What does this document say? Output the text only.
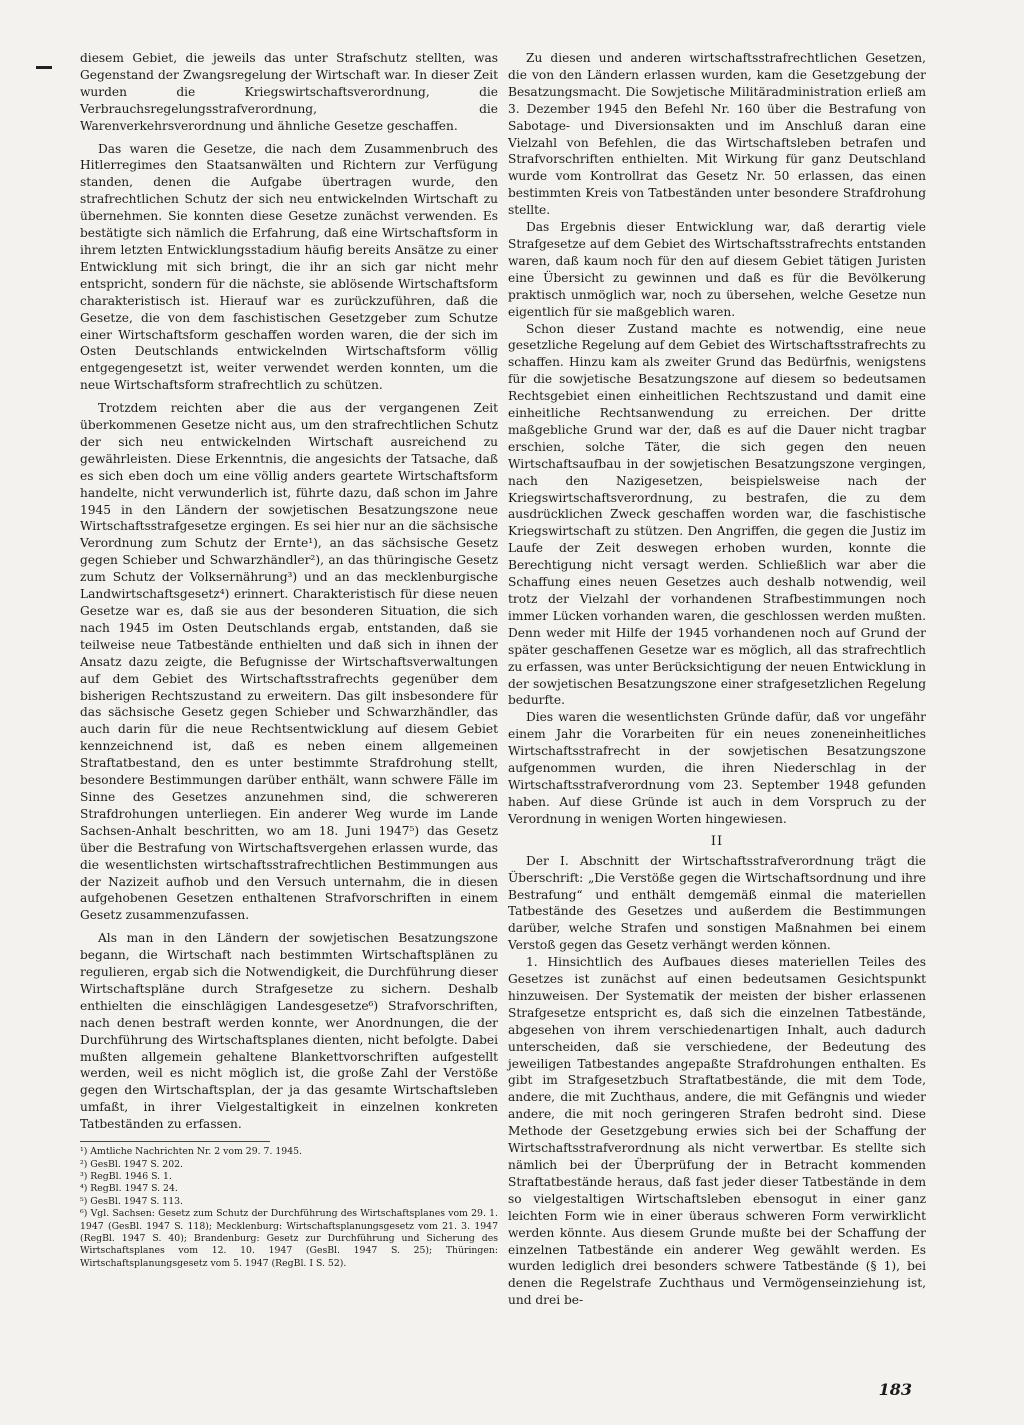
diesem Gebiet, die jeweils das unter Strafschutz stellten, was Gegenstand der Zwangsregelung der Wirtschaft war. In dieser Zeit wurden die Kriegswirtschaftsverordnung, die Verbrauchsregelungsstrafverordnung, die Warenverkehrsverordnung und ähnliche Gesetze geschaffen.

Das waren die Gesetze, die nach dem Zusammenbruch des Hitlerregimes den Staatsanwälten und Richtern zur Verfügung standen, denen die Aufgabe übertragen wurde, den strafrechtlichen Schutz der sich neu entwickelnden Wirtschaft zu übernehmen. Sie konnten diese Gesetze zunächst verwenden. Es bestätigte sich nämlich die Erfahrung, daß eine Wirtschaftsform in ihrem letzten Entwicklungsstadium häufig bereits Ansätze zu einer Entwicklung mit sich bringt, die ihr an sich gar nicht mehr entspricht, sondern für die nächste, sie ablösende Wirtschaftsform charakteristisch ist. Hierauf war es zurückzuführen, daß die Gesetze, die von dem faschistischen Gesetzgeber zum Schutze einer Wirtschaftsform geschaffen worden waren, die der sich im Osten Deutschlands entwickelnden Wirtschaftsform völlig entgegengesetzt ist, weiter verwendet werden konnten, um die neue Wirtschaftsform strafrechtlich zu schützen.

Trotzdem reichten aber die aus der vergangenen Zeit überkommenen Gesetze nicht aus, um den strafrechtlichen Schutz der sich neu entwickelnden Wirtschaft ausreichend zu gewährleisten. Diese Erkenntnis, die angesichts der Tatsache, daß es sich eben doch um eine völlig anders geartete Wirtschaftsform handelte, nicht verwunderlich ist, führte dazu, daß schon im Jahre 1945 in den Ländern der sowjetischen Besatzungszone neue Wirtschaftsstrafgesetze ergingen. Es sei hier nur an die sächsische Verordnung zum Schutz der Ernte¹), an das sächsische Gesetz gegen Schieber und Schwarzhändler²), an das thüringische Gesetz zum Schutz der Volksernährung³) und an das mecklenburgische Landwirtschaftsgesetz⁴) erinnert. Charakteristisch für diese neuen Gesetze war es, daß sie aus der besonderen Situation, die sich nach 1945 im Osten Deutschlands ergab, entstanden, daß sie teilweise neue Tatbestände enthielten und daß sich in ihnen der Ansatz dazu zeigte, die Befugnisse der Wirtschaftsverwaltungen auf dem Gebiet des Wirtschaftsstrafrechts gegenüber dem bisherigen Rechtszustand zu erweitern. Das gilt insbesondere für das sächsische Gesetz gegen Schieber und Schwarzhändler, das auch darin für die neue Rechtsentwicklung auf diesem Gebiet kennzeichnend ist, daß es neben einem allgemeinen Straftatbestand, den es unter bestimmte Strafdrohung stellt, besondere Bestimmungen darüber enthält, wann schwere Fälle im Sinne des Gesetzes anzunehmen sind, die schwereren Strafdrohungen unterliegen. Ein anderer Weg wurde im Lande Sachsen-Anhalt beschritten, wo am 18. Juni 1947⁵) das Gesetz über die Bestrafung von Wirtschaftsvergehen erlassen wurde, das die wesentlichsten wirtschaftsstrafrechtlichen Bestimmungen aus der Nazizeit aufhob und den Versuch unternahm, die in diesen aufgehobenen Gesetzen enthaltenen Strafvorschriften in einem Gesetz zusammenzufassen.

Als man in den Ländern der sowjetischen Besatzungszone begann, die Wirtschaft nach bestimmten Wirtschaftsplänen zu regulieren, ergab sich die Notwendigkeit, die Durchführung dieser Wirtschaftspläne durch Strafgesetze zu sichern. Deshalb enthielten die einschlägigen Landesgesetze⁶) Strafvorschriften, nach denen bestraft werden konnte, wer Anordnungen, die der Durchführung des Wirtschaftsplanes dienten, nicht befolgte. Dabei mußten allgemein gehaltene Blankettvorschriften aufgestellt werden, weil es nicht möglich ist, die große Zahl der Verstöße gegen den Wirtschaftsplan, der ja das gesamte Wirtschaftsleben umfaßt, in ihrer Vielgestaltigkeit in einzelnen konkreten Tatbeständen zu erfassen.

¹) Amtliche Nachrichten Nr. 2 vom 29. 7. 1945.

²) GesBl. 1947 S. 202.

³) RegBl. 1946 S. 1.

⁴) RegBl. 1947 S. 24.

⁵) GesBl. 1947 S. 113.

⁶) Vgl. Sachsen: Gesetz zum Schutz der Durchführung des Wirtschaftsplanes vom 29. 1. 1947 (GesBl. 1947 S. 118); Mecklenburg: Wirtschaftsplanungsgesetz vom 21. 3. 1947 (RegBl. 1947 S. 40); Brandenburg: Gesetz zur Durchführung und Sicherung des Wirtschaftsplanes vom 12. 10. 1947 (GesBl. 1947 S. 25); Thüringen: Wirtschaftsplanungsgesetz vom 5. 1947 (RegBl. I S. 52).

Zu diesen und anderen wirtschaftsstrafrechtlichen Gesetzen, die von den Ländern erlassen wurden, kam die Gesetzgebung der Besatzungsmacht. Die Sowjetische Militäradministration erließ am 3. Dezember 1945 den Befehl Nr. 160 über die Bestrafung von Sabotage- und Diversionsakten und im Anschluß daran eine Vielzahl von Befehlen, die das Wirtschaftsleben betrafen und Strafvorschriften enthielten. Mit Wirkung für ganz Deutschland wurde vom Kontrollrat das Gesetz Nr. 50 erlassen, das einen bestimmten Kreis von Tatbeständen unter besondere Strafdrohung stellte.

Das Ergebnis dieser Entwicklung war, daß derartig viele Strafgesetze auf dem Gebiet des Wirtschaftsstrafrechts entstanden waren, daß kaum noch für den auf diesem Gebiet tätigen Juristen eine Übersicht zu gewinnen und daß es für die Bevölkerung praktisch unmöglich war, noch zu übersehen, welche Gesetze nun eigentlich für sie maßgeblich waren.

Schon dieser Zustand machte es notwendig, eine neue gesetzliche Regelung auf dem Gebiet des Wirtschaftsstrafrechts zu schaffen. Hinzu kam als zweiter Grund das Bedürfnis, wenigstens für die sowjetische Besatzungszone auf diesem so bedeutsamen Rechtsgebiet einen einheitlichen Rechtszustand und damit eine einheitliche Rechtsanwendung zu erreichen. Der dritte maßgebliche Grund war der, daß es auf die Dauer nicht tragbar erschien, solche Täter, die sich gegen den neuen Wirtschaftsaufbau in der sowjetischen Besatzungszone vergingen, nach den Nazigesetzen, beispielsweise nach der Kriegswirtschaftsverordnung, zu bestrafen, die zu dem ausdrücklichen Zweck geschaffen worden war, die faschistische Kriegswirtschaft zu stützen. Den Angriffen, die gegen die Justiz im Laufe der Zeit deswegen erhoben wurden, konnte die Berechtigung nicht versagt werden. Schließlich war aber die Schaffung eines neuen Gesetzes auch deshalb notwendig, weil trotz der Vielzahl der vorhandenen Strafbestimmungen noch immer Lücken vorhanden waren, die geschlossen werden mußten. Denn weder mit Hilfe der 1945 vorhandenen noch auf Grund der später geschaffenen Gesetze war es möglich, all das strafrechtlich zu erfassen, was unter Berücksichtigung der neuen Entwicklung in der sowjetischen Besatzungszone einer strafgesetzlichen Regelung bedurfte.

Dies waren die wesentlichsten Gründe dafür, daß vor ungefähr einem Jahr die Vorarbeiten für ein neues zoneneinheitliches Wirtschaftsstrafrecht in der sowjetischen Besatzungszone aufgenommen wurden, die ihren Niederschlag in der Wirtschaftsstrafverordnung vom 23. September 1948 gefunden haben. Auf diese Gründe ist auch in dem Vorspruch zu der Verordnung in wenigen Worten hingewiesen.

II

Der I. Abschnitt der Wirtschaftsstrafverordnung trägt die Überschrift: „Die Verstöße gegen die Wirtschaftsordnung und ihre Bestrafung“ und enthält demgemäß einmal die materiellen Tatbestände des Gesetzes und außerdem die Bestimmungen darüber, welche Strafen und sonstigen Maßnahmen bei einem Verstoß gegen das Gesetz verhängt werden können.

1. Hinsichtlich des Aufbaues dieses materiellen Teiles des Gesetzes ist zunächst auf einen bedeutsamen Gesichtspunkt hinzuweisen. Der Systematik der meisten der bisher erlassenen Strafgesetze entspricht es, daß sich die einzelnen Tatbestände, abgesehen von ihrem verschiedenartigen Inhalt, auch dadurch unterscheiden, daß sie verschiedene, der Bedeutung des jeweiligen Tatbestandes angepaßte Strafdrohungen enthalten. Es gibt im Strafgesetzbuch Straftatbestände, die mit dem Tode, andere, die mit Zuchthaus, andere, die mit Gefängnis und wieder andere, die mit noch geringeren Strafen bedroht sind. Diese Methode der Gesetzgebung erwies sich bei der Schaffung der Wirtschaftsstrafverordnung als nicht verwertbar. Es stellte sich nämlich bei der Überprüfung der in Betracht kommenden Straftatbestände heraus, daß fast jeder dieser Tatbestände in dem so vielgestaltigen Wirtschaftsleben ebensogut in einer ganz leichten Form wie in einer überaus schweren Form verwirklicht werden könnte. Aus diesem Grunde mußte bei der Schaffung der einzelnen Tatbestände ein anderer Weg gewählt werden. Es wurden lediglich drei besonders schwere Tatbestände (§ 1), bei denen die Regelstrafe Zuchthaus und Vermögenseinziehung ist, und drei be-

183
